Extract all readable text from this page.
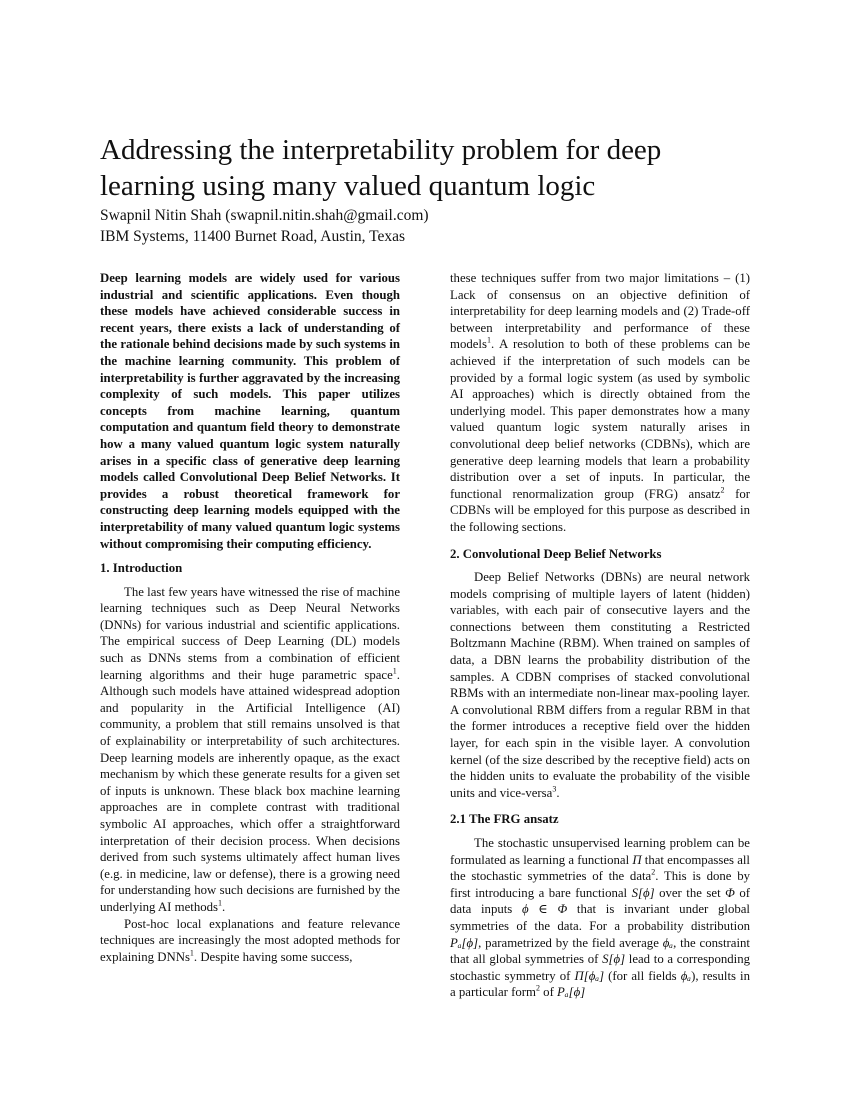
Addressing the interpretability problem for deep learning using many valued quantum logic
Swapnil Nitin Shah (swapnil.nitin.shah@gmail.com)
IBM Systems, 11400 Burnet Road, Austin, Texas

Deep learning models are widely used for various industrial and scientific applications. Even though these models have achieved considerable success in recent years, there exists a lack of understanding of the rationale behind decisions made by such systems in the machine learning community. This problem of interpretability is further aggravated by the increasing complexity of such models. This paper utilizes concepts from machine learning, quantum computation and quantum field theory to demonstrate how a many valued quantum logic system naturally arises in a specific class of generative deep learning models called Convolutional Deep Belief Networks. It provides a robust theoretical framework for constructing deep learning models equipped with the interpretability of many valued quantum logic systems without compromising their computing efficiency.

1. Introduction

The last few years have witnessed the rise of machine learning techniques such as Deep Neural Networks (DNNs) for various industrial and scientific applications. The empirical success of Deep Learning (DL) models such as DNNs stems from a combination of efficient learning algorithms and their huge parametric space$^1$. Although such models have attained widespread adoption and popularity in the Artificial Intelligence (AI) community, a problem that still remains unsolved is that of explainability or interpretability of such architectures. Deep learning models are inherently opaque, as the exact mechanism by which these generate results for a given set of inputs is unknown. These black box machine learning approaches are in complete contrast with traditional symbolic AI approaches, which offer a straightforward interpretation of their decision process. When decisions derived from such systems ultimately affect human lives (e.g. in medicine, law or defense), there is a growing need for understanding how such decisions are furnished by the underlying AI methods$^1$.

Post-hoc local explanations and feature relevance techniques are increasingly the most adopted methods for explaining DNNs$^1$. Despite having some success,

these techniques suffer from two major limitations – (1) Lack of consensus on an objective definition of interpretability for deep learning models and (2) Trade-off between interpretability and performance of these models$^1$. A resolution to both of these problems can be achieved if the interpretation of such models can be provided by a formal logic system (as used by symbolic AI approaches) which is directly obtained from the underlying model. This paper demonstrates how a many valued quantum logic system naturally arises in convolutional deep belief networks (CDBNs), which are generative deep learning models that learn a probability distribution over a set of inputs. In particular, the functional renormalization group (FRG) ansatz$^2$ for CDBNs will be employed for this purpose as described in the following sections.

2. Convolutional Deep Belief Networks

Deep Belief Networks (DBNs) are neural network models comprising of multiple layers of latent (hidden) variables, with each pair of consecutive layers and the connections between them constituting a Restricted Boltzmann Machine (RBM). When trained on samples of data, a DBN learns the probability distribution of the samples. A CDBN comprises of stacked convolutional RBMs with an intermediate non-linear max-pooling layer. A convolutional RBM differs from a regular RBM in that the former introduces a receptive field over the hidden layer, for each spin in the visible layer. A convolution kernel (of the size described by the receptive field) acts on the hidden units to evaluate the probability of the visible units and vice-versa$^3$.

2.1 The FRG ansatz

The stochastic unsupervised learning problem can be formulated as learning a functional Π that encompasses all the stochastic symmetries of the data$^2$. This is done by first introducing a bare functional S[ϕ] over the set Φ of data inputs ϕ ∈ Φ that is invariant under global symmetries of the data. For a probability distribution Pₐ[ϕ], parametrized by the field average ϕₐ, the constraint that all global symmetries of S[ϕ] lead to a corresponding stochastic symmetry of Π[ϕₐ] (for all fields ϕₐ), results in a particular form$^2$ of Pₐ[ϕ]
